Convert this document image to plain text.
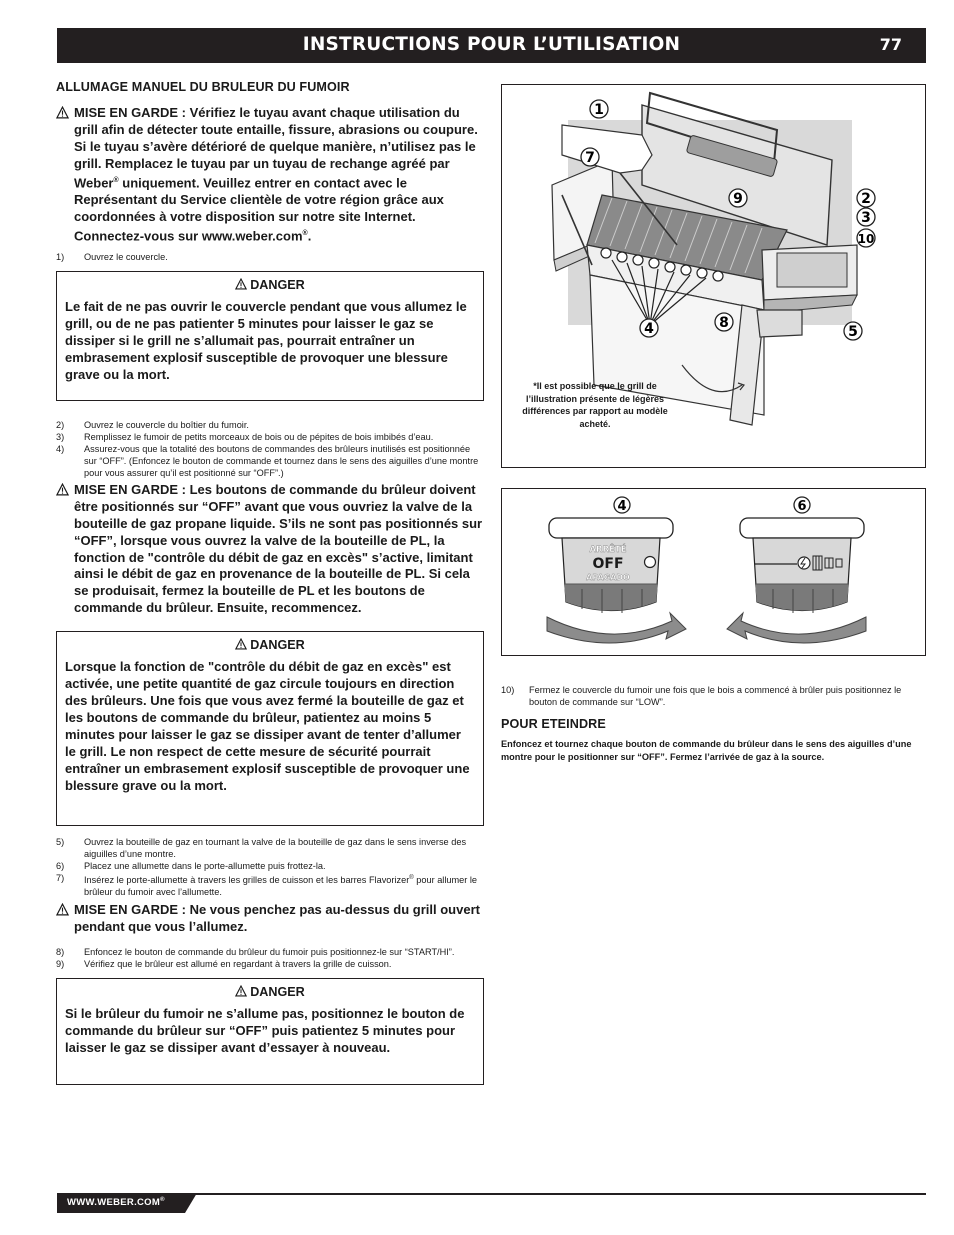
INSTRUCTIONS POUR L’UTILISATION	77
ALLUMAGE MANUEL DU BRULEUR DU FUMOIR
MISE EN GARDE : Vérifiez le tuyau avant chaque utilisation du grill afin de détecter toute entaille, fissure, abrasions ou coupure. Si le tuyau s’avère détérioré de quelque manière, n’utilisez pas le grill. Remplacez le tuyau par un tuyau de rechange agréé par Weber® uniquement. Veuillez entrer en contact avec le Représentant du Service clientèle de votre région grâce aux coordonnées à votre disposition sur notre site Internet. Connectez-vous sur www.weber.com®.
1) Ouvrez le couvercle.
DANGER
Le fait de ne pas ouvrir le couvercle pendant que vous allumez le grill, ou de ne pas patienter 5 minutes pour laisser le gaz se dissiper si le grill ne s’allumait pas, pourrait entraîner un embrasement explosif susceptible de provoquer une blessure grave ou la mort.
2) Ouvrez le couvercle du boîtier du fumoir.
3) Remplissez le fumoir de petits morceaux de bois ou de pépites de bois imbibés d’eau.
4) Assurez-vous que la totalité des boutons de commandes des brûleurs inutilisés est positionnée sur “OFF”. (Enfoncez le bouton de commande et tournez dans le sens des aiguilles d’une montre pour vous assurer qu’il est positionné sur “OFF”.)
MISE EN GARDE : Les boutons de commande du brûleur doivent être positionnés sur “OFF” avant que vous ouvriez la valve de la bouteille de gaz propane liquide. S’ils ne sont pas positionnés sur “OFF”, lorsque vous ouvrez la valve de la bouteille de PL, la fonction de "contrôle du débit de gaz en excès" s’active, limitant ainsi le débit de gaz en provenance de la bouteille de PL. Si cela se produisait, fermez la bouteille de PL et les boutons de commande du brûleur. Ensuite, recommencez.
DANGER
Lorsque la fonction de "contrôle du débit de gaz en excès" est activée, une petite quantité de gaz circule toujours en direction des brûleurs. Une fois que vous avez fermé la bouteille de gaz et les boutons de commande du brûleur, patientez au moins 5 minutes pour laisser le gaz se dissiper avant de tenter d’allumer le grill. Le non respect de cette mesure de sécurité pourrait entraîner un embrasement explosif susceptible de provoquer une blessure grave ou la mort.
5) Ouvrez la bouteille de gaz en tournant la valve de la bouteille de gaz dans le sens inverse des aiguilles d’une montre.
6) Placez une allumette dans le porte-allumette puis frottez-la.
7) Insérez le porte-allumette à travers les grilles de cuisson et les barres Flavorizer® pour allumer le brûleur du fumoir avec l’allumette.
MISE EN GARDE : Ne vous penchez pas au-dessus du grill ouvert pendant que vous l’allumez.
8) Enfoncez le bouton de commande du brûleur du fumoir puis positionnez-le sur “START/HI”.
9) Vérifiez que le brûleur est allumé en regardant à travers la grille de cuisson.
DANGER
Si le brûleur du fumoir ne s’allume pas, positionnez le bouton de commande du brûleur sur “OFF” puis patientez 5 minutes pour laisser le gaz se dissiper avant d’essayer à nouveau.
1
7
9	2
3
10
4	8
5
*Il est possible que le grill de l’illustration présente de légères différences par rapport au modèle acheté.
ARRÊTÉ
OFF
APAGADO
4	6
10) Fermez le couvercle du fumoir une fois que le bois a commencé à brûler puis positionnez le bouton de commande sur “LOW”.
POUR ETEINDRE
Enfoncez et tournez chaque bouton de commande du brûleur dans le sens des aiguilles d’une montre pour le positionner sur “OFF”. Fermez l’arrivée de gaz à la source.
WWW.WEBER.COM®
